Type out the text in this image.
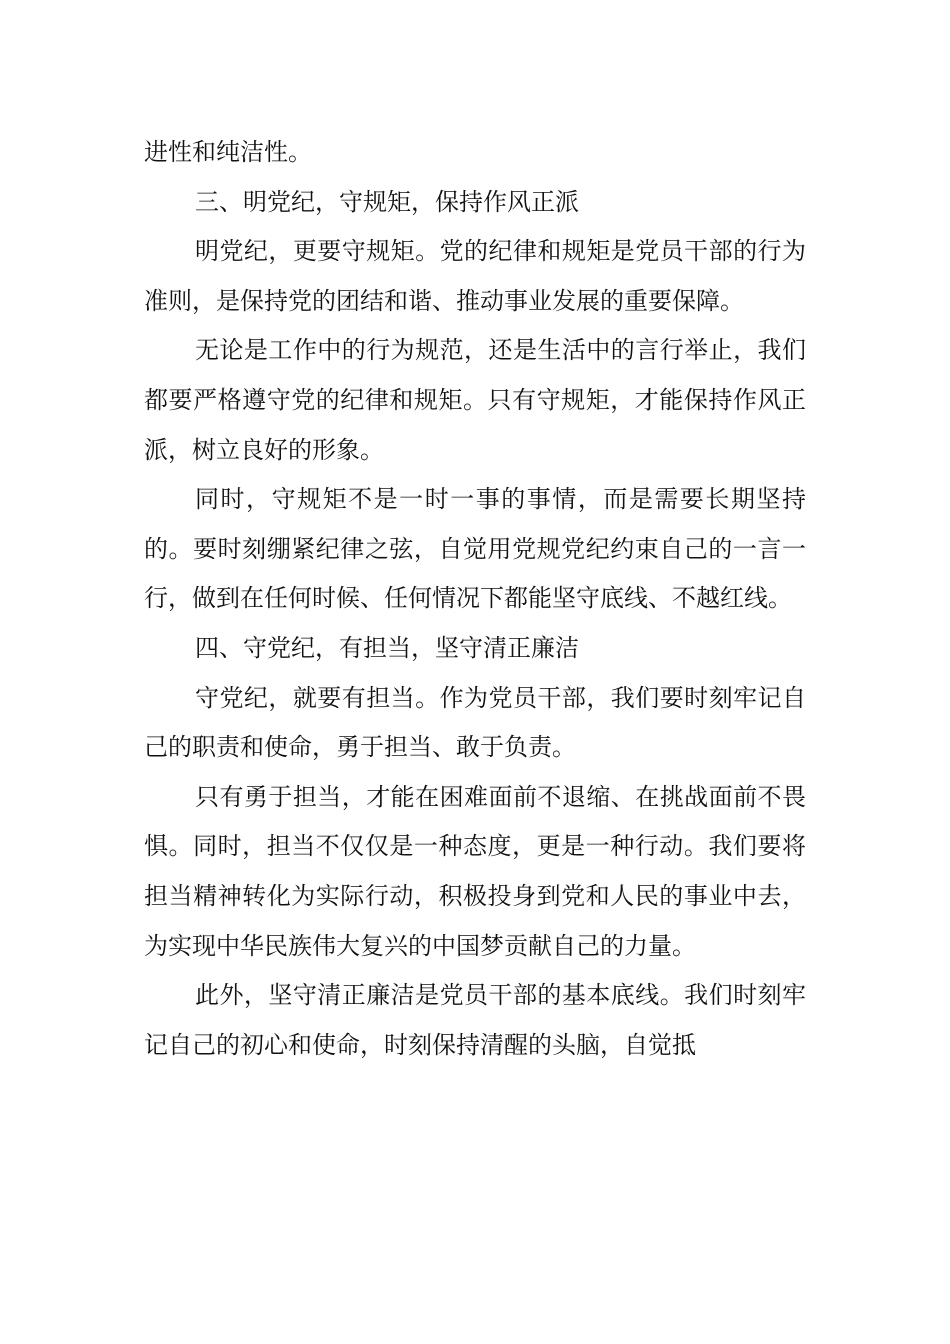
进性和纯洁性。

三、明党纪，守规矩，保持作风正派

明党纪，更要守规矩。党的纪律和规矩是党员干部的行为准则，是保持党的团结和谐、推动事业发展的重要保障。

无论是工作中的行为规范，还是生活中的言行举止，我们都要严格遵守党的纪律和规矩。只有守规矩，才能保持作风正派，树立良好的形象。

同时，守规矩不是一时一事的事情，而是需要长期坚持的。要时刻绷紧纪律之弦，自觉用党规党纪约束自己的一言一行，做到在任何时候、任何情况下都能坚守底线、不越红线。

四、守党纪，有担当，坚守清正廉洁

守党纪，就要有担当。作为党员干部，我们要时刻牢记自己的职责和使命，勇于担当、敢于负责。

只有勇于担当，才能在困难面前不退缩、在挑战面前不畏惧。同时，担当不仅仅是一种态度，更是一种行动。我们要将担当精神转化为实际行动，积极投身到党和人民的事业中去，为实现中华民族伟大复兴的中国梦贡献自己的力量。

此外，坚守清正廉洁是党员干部的基本底线。我们时刻牢记自己的初心和使命，时刻保持清醒的头脑，自觉抵
